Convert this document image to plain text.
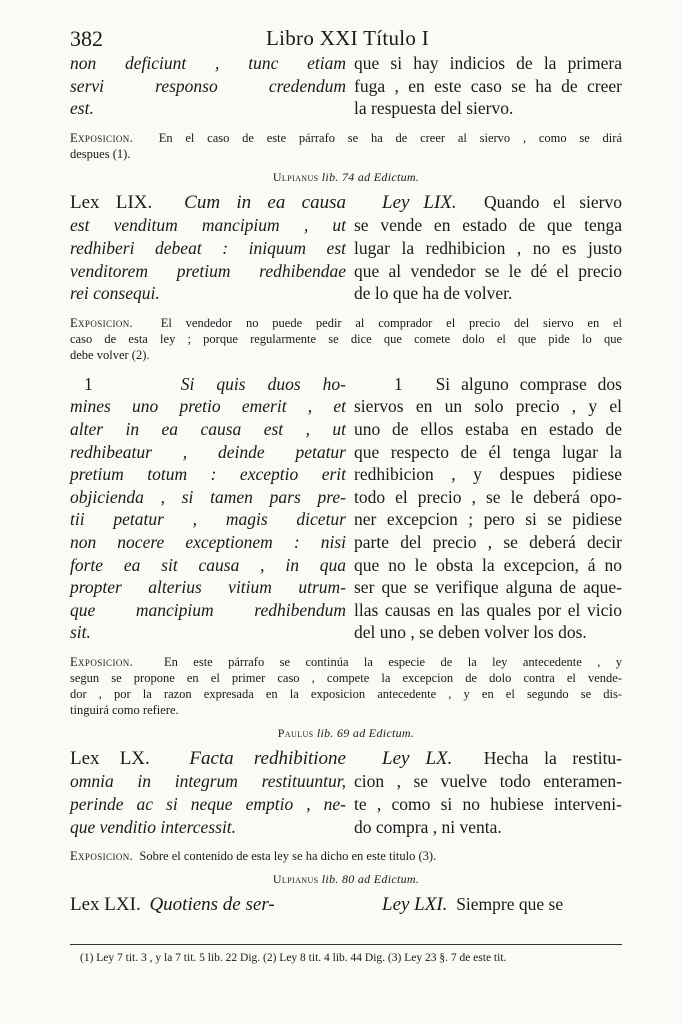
382	Libro XXI Título I
non deficiunt , tunc etiam
servi responso credendum
est.
que si hay indicios de la primera
fuga , en este caso se ha de creer
la respuesta del siervo.
Exposicion. En el caso de este párrafo se ha de creer al siervo , como se dirá
despues (1).
Ulpianus lib. 74 ad Edictum.
Lex LIX. Cum in ea causa
est venditum mancipium , ut
redhiberi debeat : iniquum est
venditorem pretium redhibendae
rei consequi.
Ley LIX. Quando el siervo
se vende en estado de que tenga
lugar la redhibicion , no es justo
que al vendedor se le dé el precio
de lo que ha de volver.
Exposicion. El vendedor no puede pedir al comprador el precio del siervo en el
caso de esta ley ; porque regularmente se dice que comete dolo el que pide lo que
debe volver (2).
1	Si quis duos ho-
mines uno pretio emerit , et
alter in ea causa est , ut
redhibeatur , deinde petatur
pretium totum : exceptio erit
objicienda , si tamen pars pre-
tii petatur , magis dicetur
non nocere exceptionem : nisi
forte ea sit causa , in qua
propter alterius vitium utrum-
que mancipium redhibendum
sit.
1 Si alguno comprase dos
siervos en un solo precio , y el
uno de ellos estaba en estado de
que respecto de él tenga lugar la
redhibicion , y despues pidiese
todo el precio , se le deberá opo-
ner excepcion ; pero si se pidiese
parte del precio , se deberá decir
que no le obsta la excepcion, á no
ser que se verifique alguna de aque-
llas causas en las quales por el vicio
del uno , se deben volver los dos.
Exposicion. En este párrafo se continúa la especie de la ley antecedente , y
segun se propone en el primer caso , compete la excepcion de dolo contra el vende-
dor , por la razon expresada en la exposicion antecedente , y en el segundo se dis-
tinguirá como refiere.
Paulus lib. 69 ad Edictum.
Lex LX. Facta redhibitione
omnia in integrum restituuntur,
perinde ac si neque emptio , ne-
que venditio intercessit.
Ley LX. Hecha la restitu-
cion , se vuelve todo enteramen-
te , como si no hubiese interveni-
do compra , ni venta.
Exposicion. Sobre el contenido de esta ley se ha dicho en este titulo (3).
Ulpianus lib. 80 ad Edictum.
Lex LXI. Quotiens de ser-	Ley LXI. Siempre que se
(1) Ley 7 tit. 3 , y la 7 tit. 5 lib. 22 Dig. (2) Ley 8 tit. 4 lib. 44 Dig. (3) Ley 23 §. 7 de este tit.
